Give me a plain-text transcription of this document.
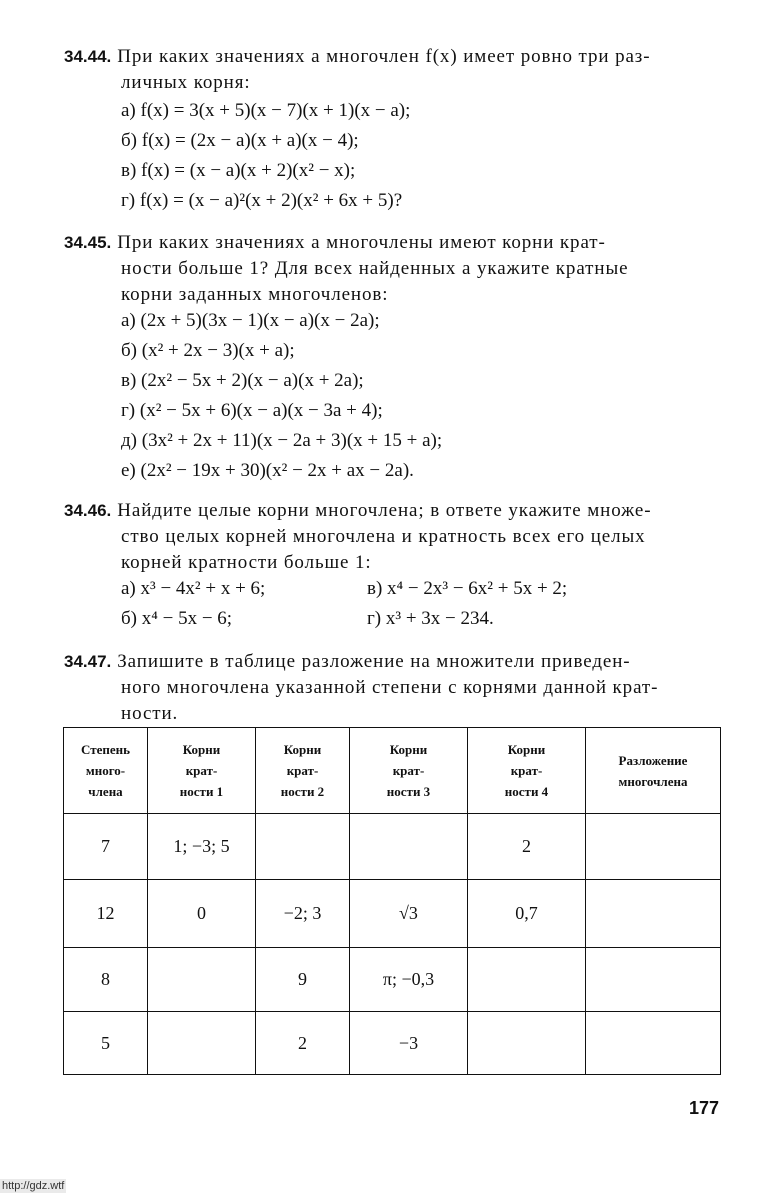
34.44. При каких значениях a многочлен f(x) имеет ровно три раз-
личных корня:
а) f(x) = 3(x + 5)(x − 7)(x + 1)(x − a);
б) f(x) = (2x − a)(x + a)(x − 4);
в) f(x) = (x − a)(x + 2)(x² − x);
г) f(x) = (x − a)²(x + 2)(x² + 6x + 5)?
34.45. При каких значениях a многочлены имеют корни крат-
ности больше 1? Для всех найденных a укажите кратные
корни заданных многочленов:
а) (2x + 5)(3x − 1)(x − a)(x − 2a);
б) (x² + 2x − 3)(x + a);
в) (2x² − 5x + 2)(x − a)(x + 2a);
г) (x² − 5x + 6)(x − a)(x − 3a + 4);
д) (3x² + 2x + 11)(x − 2a + 3)(x + 15 + a);
е) (2x² − 19x + 30)(x² − 2x + ax − 2a).
34.46. Найдите целые корни многочлена; в ответе укажите множе-
ство целых корней многочлена и кратность всех его целых
корней кратности больше 1:
а) x³ − 4x² + x + 6;	в) x⁴ − 2x³ − 6x² + 5x + 2;
б) x⁴ − 5x − 6;	г) x³ + 3x − 234.
34.47. Запишите в таблице разложение на множители приведен-
ного многочлена указанной степени с корнями данной крат-
ности.
Степень
много-
члена	Корни
крат-
ности 1	Корни
крат-
ности 2	Корни
крат-
ности 3	Корни
крат-
ности 4	Разложение
многочлена

7	1; −3; 5			2	
12	0	−2; 3	√3	0,7	
8		9	π; −0,3		
5		2	−3		
177
http://gdz.wtf
